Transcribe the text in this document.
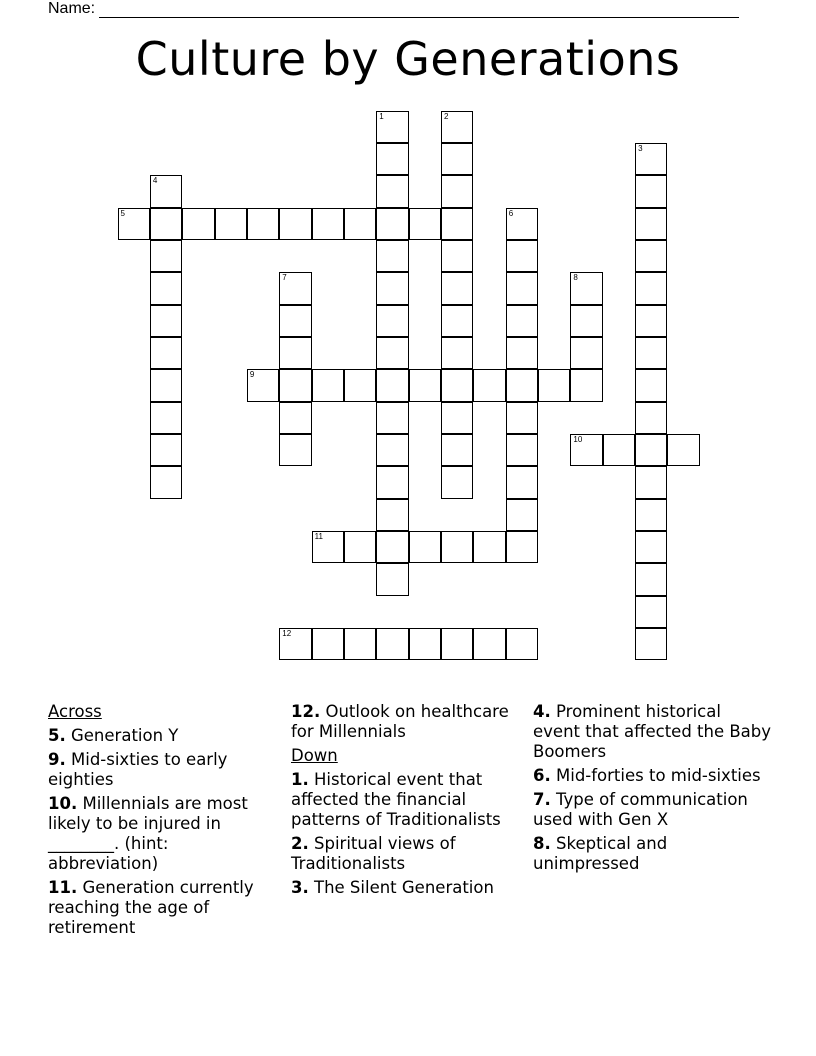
Name:
Culture by Generations
1	2
3
4
5	6
7	8
9
10
11
12
Across
5. Generation Y
9. Mid-sixties to early eighties
10. Millennials are most likely to be injured in ________. (hint: abbreviation)
11. Generation currently reaching the age of retirement
12. Outlook on healthcare for Millennials
Down
1. Historical event that affected the financial patterns of Traditionalists
2. Spiritual views of Traditionalists
3. The Silent Generation
4. Prominent historical event that affected the Baby Boomers
6. Mid-forties to mid-sixties
7. Type of communication used with Gen X
8. Skeptical and unimpressed
